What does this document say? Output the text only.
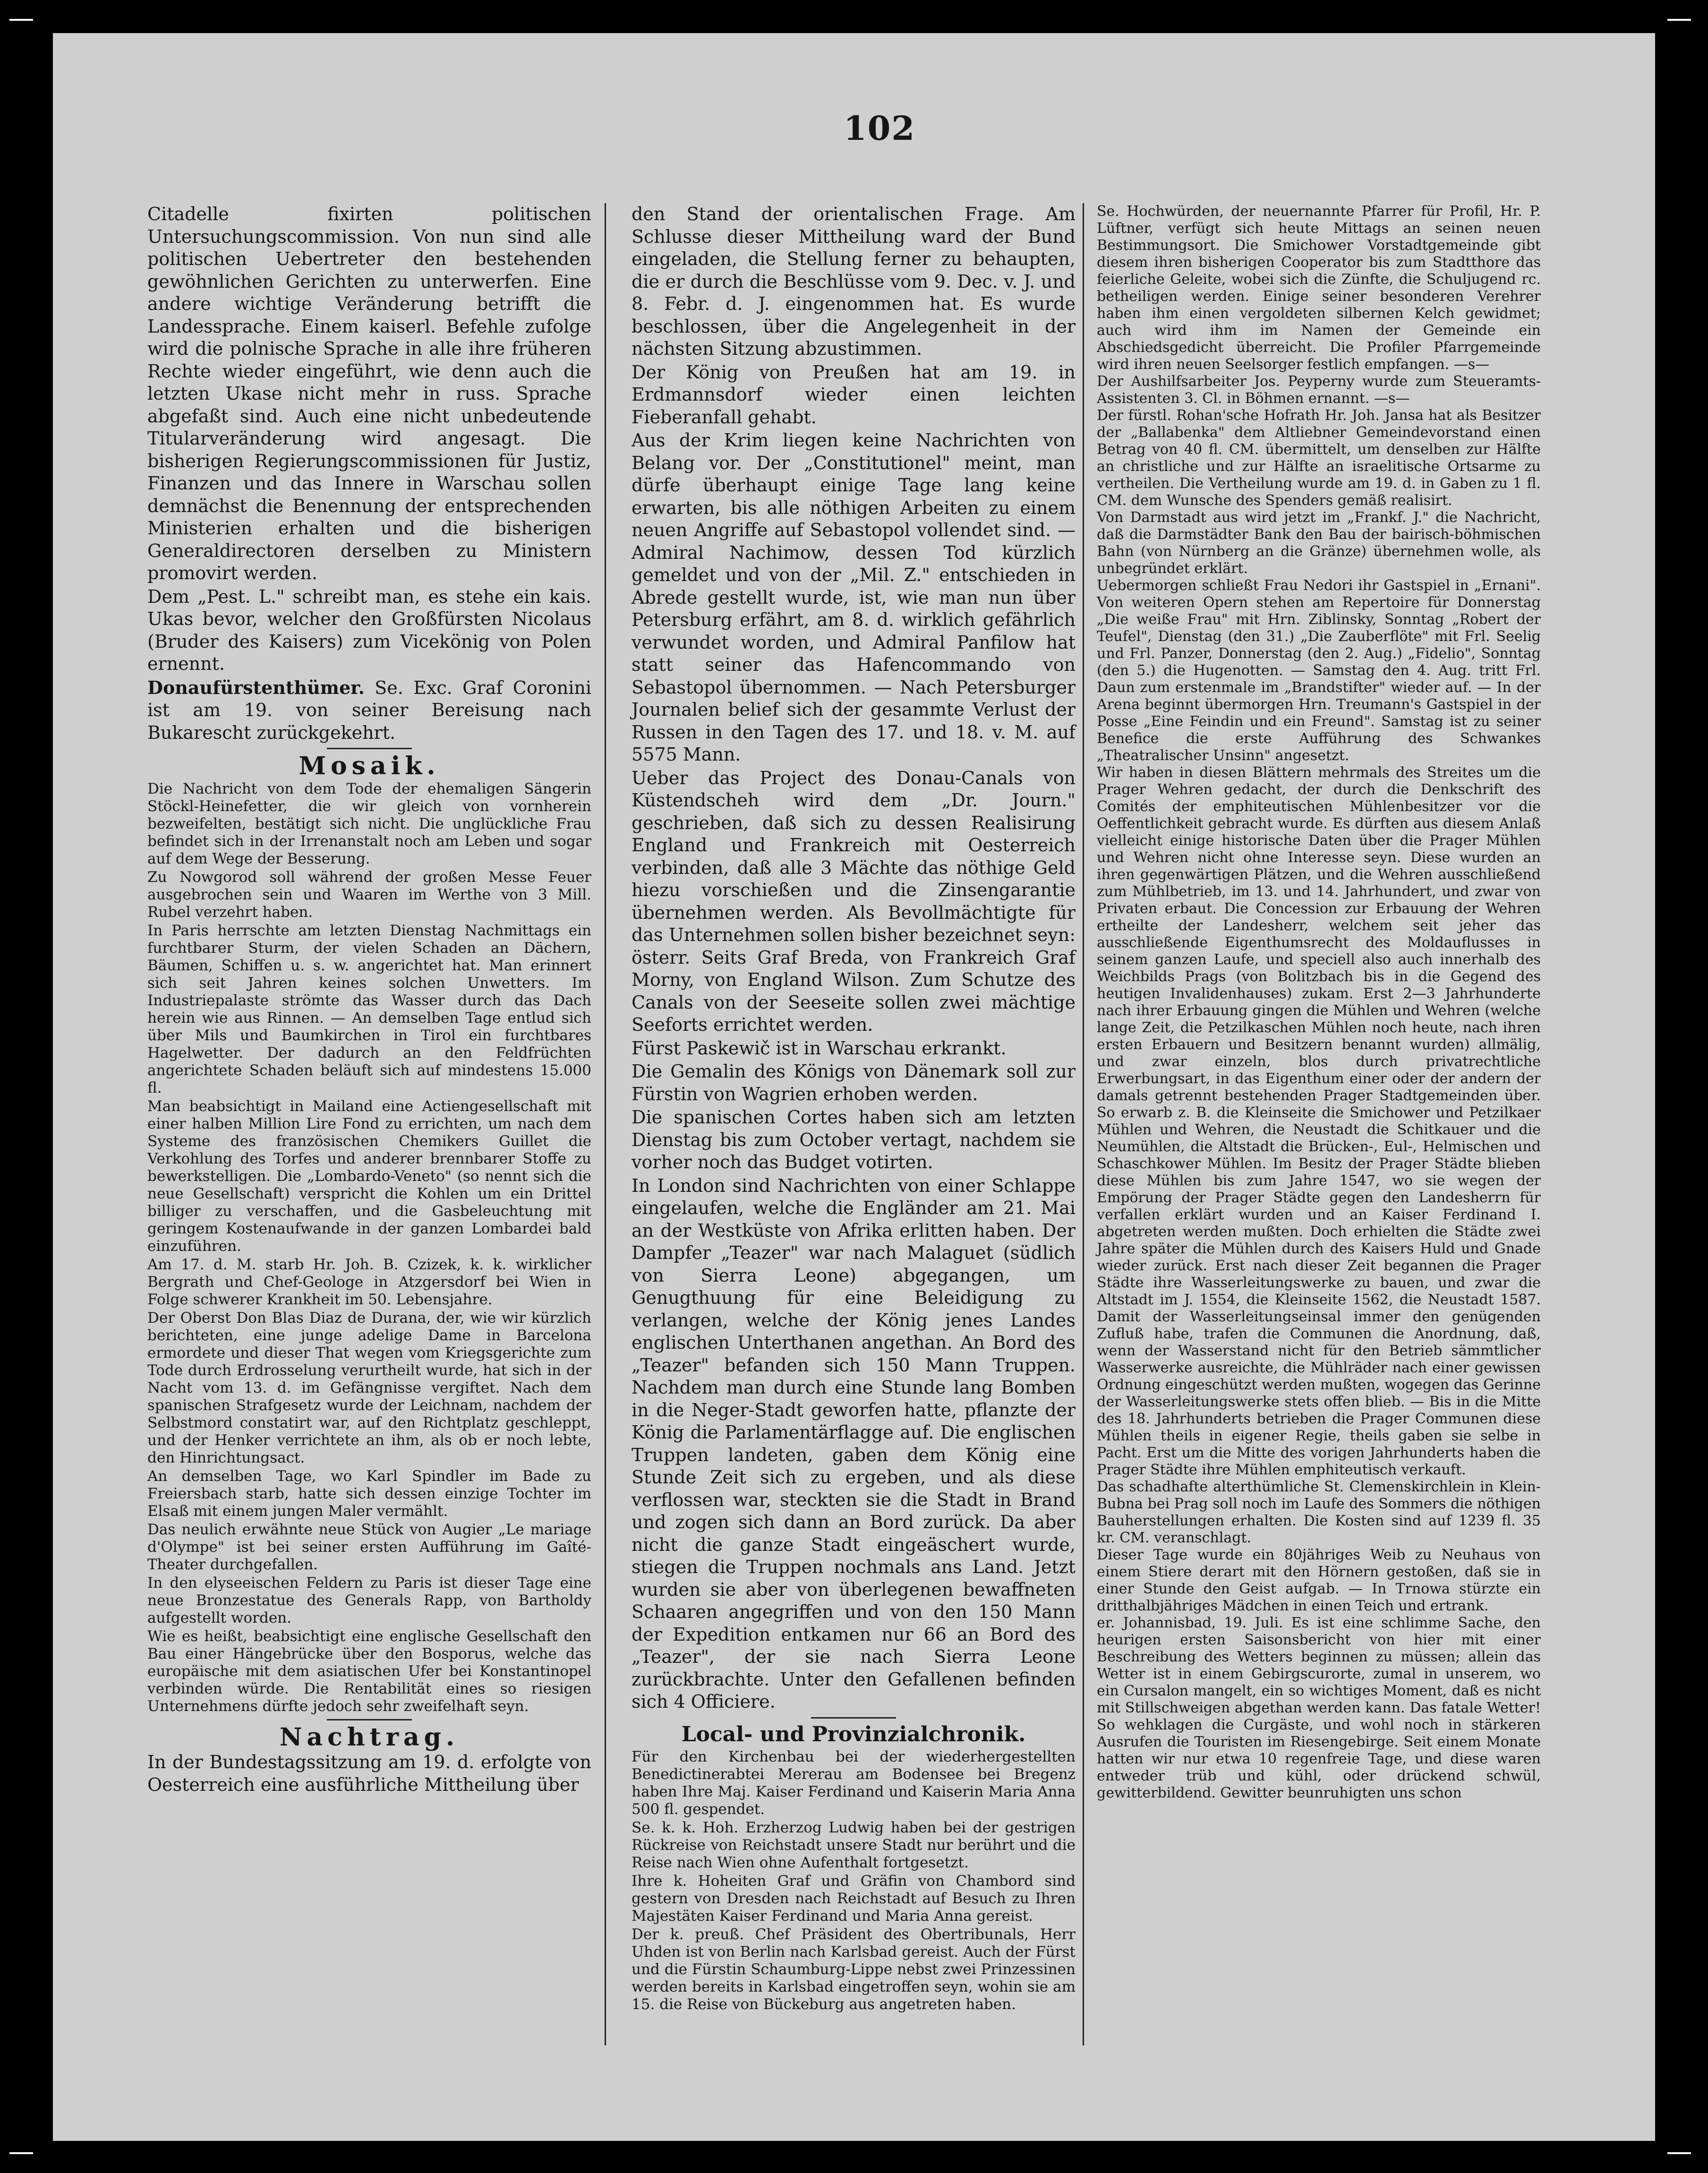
102

Citadelle fixirten politischen Untersuchungscommission. Von nun sind alle politischen Uebertreter den bestehenden gewöhnlichen Gerichten zu unterwerfen. Eine andere wichtige Veränderung betrifft die Landessprache. Einem kaiserl. Befehle zufolge wird die polnische Sprache in alle ihre früheren Rechte wieder eingeführt, wie denn auch die letzten Ukase nicht mehr in russ. Sprache abgefaßt sind. Auch eine nicht unbedeutende Titularveränderung wird angesagt. Die bisherigen Regierungscommissionen für Justiz, Finanzen und das Innere in Warschau sollen demnächst die Benennung der entsprechenden Ministerien erhalten und die bisherigen Generaldirectoren derselben zu Ministern promovirt werden.

Dem „Pest. L." schreibt man, es stehe ein kais. Ukas bevor, welcher den Großfürsten Nicolaus (Bruder des Kaisers) zum Vicekönig von Polen ernennt.

Donaufürstenthümer. Se. Exc. Graf Coronini ist am 19. von seiner Bereisung nach Bukarescht zurückgekehrt.

Mosaik.

Die Nachricht von dem Tode der ehemaligen Sängerin Stöckl-Heinefetter, die wir gleich von vornherein bezweifelten, bestätigt sich nicht. Die unglückliche Frau befindet sich in der Irrenanstalt noch am Leben und sogar auf dem Wege der Besserung.

Zu Nowgorod soll während der großen Messe Feuer ausgebrochen sein und Waaren im Werthe von 3 Mill. Rubel verzehrt haben.

In Paris herrschte am letzten Dienstag Nachmittags ein furchtbarer Sturm, der vielen Schaden an Dächern, Bäumen, Schiffen u. s. w. angerichtet hat. Man erinnert sich seit Jahren keines solchen Unwetters. Im Industriepalaste strömte das Wasser durch das Dach herein wie aus Rinnen. — An demselben Tage entlud sich über Mils und Baumkirchen in Tirol ein furchtbares Hagelwetter. Der dadurch an den Feldfrüchten angerichtete Schaden beläuft sich auf mindestens 15.000 fl.

Man beabsichtigt in Mailand eine Actiengesellschaft mit einer halben Million Lire Fond zu errichten, um nach dem Systeme des französischen Chemikers Guillet die Verkohlung des Torfes und anderer brennbarer Stoffe zu bewerkstelligen. Die „Lombardo-Veneto" (so nennt sich die neue Gesellschaft) verspricht die Kohlen um ein Drittel billiger zu verschaffen, und die Gasbeleuchtung mit geringem Kostenaufwande in der ganzen Lombardei bald einzuführen.

Am 17. d. M. starb Hr. Joh. B. Czizek, k. k. wirklicher Bergrath und Chef-Geologe in Atzgersdorf bei Wien in Folge schwerer Krankheit im 50. Lebensjahre.

Der Oberst Don Blas Diaz de Durana, der, wie wir kürzlich berichteten, eine junge adelige Dame in Barcelona ermordete und dieser That wegen vom Kriegsgerichte zum Tode durch Erdrosselung verurtheilt wurde, hat sich in der Nacht vom 13. d. im Gefängnisse vergiftet. Nach dem spanischen Strafgesetz wurde der Leichnam, nachdem der Selbstmord constatirt war, auf den Richtplatz geschleppt, und der Henker verrichtete an ihm, als ob er noch lebte, den Hinrichtungsact.

An demselben Tage, wo Karl Spindler im Bade zu Freiersbach starb, hatte sich dessen einzige Tochter im Elsaß mit einem jungen Maler vermählt.

Das neulich erwähnte neue Stück von Augier „Le mariage d'Olympe" ist bei seiner ersten Aufführung im Gaîté-Theater durchgefallen.

In den elyseeischen Feldern zu Paris ist dieser Tage eine neue Bronzestatue des Generals Rapp, von Bartholdy aufgestellt worden.

Wie es heißt, beabsichtigt eine englische Gesellschaft den Bau einer Hängebrücke über den Bosporus, welche das europäische mit dem asiatischen Ufer bei Konstantinopel verbinden würde. Die Rentabilität eines so riesigen Unternehmens dürfte jedoch sehr zweifelhaft seyn.

Nachtrag.

In der Bundestagssitzung am 19. d. erfolgte von Oesterreich eine ausführliche Mittheilung über

den Stand der orientalischen Frage. Am Schlusse dieser Mittheilung ward der Bund eingeladen, die Stellung ferner zu behaupten, die er durch die Beschlüsse vom 9. Dec. v. J. und 8. Febr. d. J. eingenommen hat. Es wurde beschlossen, über die Angelegenheit in der nächsten Sitzung abzustimmen.

Der König von Preußen hat am 19. in Erdmannsdorf wieder einen leichten Fieberanfall gehabt.

Aus der Krim liegen keine Nachrichten von Belang vor. Der „Constitutionel" meint, man dürfe überhaupt einige Tage lang keine erwarten, bis alle nöthigen Arbeiten zu einem neuen Angriffe auf Sebastopol vollendet sind. — Admiral Nachimow, dessen Tod kürzlich gemeldet und von der „Mil. Z." entschieden in Abrede gestellt wurde, ist, wie man nun über Petersburg erfährt, am 8. d. wirklich gefährlich verwundet worden, und Admiral Panfilow hat statt seiner das Hafencommando von Sebastopol übernommen. — Nach Petersburger Journalen belief sich der gesammte Verlust der Russen in den Tagen des 17. und 18. v. M. auf 5575 Mann.

Ueber das Project des Donau-Canals von Küstendscheh wird dem „Dr. Journ." geschrieben, daß sich zu dessen Realisirung England und Frankreich mit Oesterreich verbinden, daß alle 3 Mächte das nöthige Geld hiezu vorschießen und die Zinsengarantie übernehmen werden. Als Bevollmächtigte für das Unternehmen sollen bisher bezeichnet seyn: österr. Seits Graf Breda, von Frankreich Graf Morny, von England Wilson. Zum Schutze des Canals von der Seeseite sollen zwei mächtige Seeforts errichtet werden.

Fürst Paskewič ist in Warschau erkrankt.

Die Gemalin des Königs von Dänemark soll zur Fürstin von Wagrien erhoben werden.

Die spanischen Cortes haben sich am letzten Dienstag bis zum October vertagt, nachdem sie vorher noch das Budget votirten.

In London sind Nachrichten von einer Schlappe eingelaufen, welche die Engländer am 21. Mai an der Westküste von Afrika erlitten haben. Der Dampfer „Teazer" war nach Malaguet (südlich von Sierra Leone) abgegangen, um Genugthuung für eine Beleidigung zu verlangen, welche der König jenes Landes englischen Unterthanen angethan. An Bord des „Teazer" befanden sich 150 Mann Truppen. Nachdem man durch eine Stunde lang Bomben in die Neger-Stadt geworfen hatte, pflanzte der König die Parlamentärflagge auf. Die englischen Truppen landeten, gaben dem König eine Stunde Zeit sich zu ergeben, und als diese verflossen war, steckten sie die Stadt in Brand und zogen sich dann an Bord zurück. Da aber nicht die ganze Stadt eingeäschert wurde, stiegen die Truppen nochmals ans Land. Jetzt wurden sie aber von überlegenen bewaffneten Schaaren angegriffen und von den 150 Mann der Expedition entkamen nur 66 an Bord des „Teazer", der sie nach Sierra Leone zurückbrachte. Unter den Gefallenen befinden sich 4 Officiere.

Local- und Provinzialchronik.

Für den Kirchenbau bei der wiederhergestellten Benedictinerabtei Mererau am Bodensee bei Bregenz haben Ihre Maj. Kaiser Ferdinand und Kaiserin Maria Anna 500 fl. gespendet.

Se. k. k. Hoh. Erzherzog Ludwig haben bei der gestrigen Rückreise von Reichstadt unsere Stadt nur berührt und die Reise nach Wien ohne Aufenthalt fortgesetzt.

Ihre k. Hoheiten Graf und Gräfin von Chambord sind gestern von Dresden nach Reichstadt auf Besuch zu Ihren Majestäten Kaiser Ferdinand und Maria Anna gereist.

Der k. preuß. Chef Präsident des Obertribunals, Herr Uhden ist von Berlin nach Karlsbad gereist. Auch der Fürst und die Fürstin Schaumburg-Lippe nebst zwei Prinzessinen werden bereits in Karlsbad eingetroffen seyn, wohin sie am 15. die Reise von Bückeburg aus angetreten haben.

Se. Hochwürden, der neuernannte Pfarrer für Profil, Hr. P. Lüftner, verfügt sich heute Mittags an seinen neuen Bestimmungsort. Die Smichower Vorstadtgemeinde gibt diesem ihren bisherigen Cooperator bis zum Stadtthore das feierliche Geleite, wobei sich die Zünfte, die Schuljugend rc. betheiligen werden. Einige seiner besonderen Verehrer haben ihm einen vergoldeten silbernen Kelch gewidmet; auch wird ihm im Namen der Gemeinde ein Abschiedsgedicht überreicht. Die Profiler Pfarrgemeinde wird ihren neuen Seelsorger festlich empfangen. —s—

Der Aushilfsarbeiter Jos. Peyperny wurde zum Steueramts-Assistenten 3. Cl. in Böhmen ernannt. —s—

Der fürstl. Rohan'sche Hofrath Hr. Joh. Jansa hat als Besitzer der „Ballabenka" dem Altliebner Gemeindevorstand einen Betrag von 40 fl. CM. übermittelt, um denselben zur Hälfte an christliche und zur Hälfte an israelitische Ortsarme zu vertheilen. Die Vertheilung wurde am 19. d. in Gaben zu 1 fl. CM. dem Wunsche des Spenders gemäß realisirt.

Von Darmstadt aus wird jetzt im „Frankf. J." die Nachricht, daß die Darmstädter Bank den Bau der bairisch-böhmischen Bahn (von Nürnberg an die Gränze) übernehmen wolle, als unbegründet erklärt.

Uebermorgen schließt Frau Nedori ihr Gastspiel in „Ernani". Von weiteren Opern stehen am Repertoire für Donnerstag „Die weiße Frau" mit Hrn. Ziblinsky, Sonntag „Robert der Teufel", Dienstag (den 31.) „Die Zauberflöte" mit Frl. Seelig und Frl. Panzer, Donnerstag (den 2. Aug.) „Fidelio", Sonntag (den 5.) die Hugenotten. — Samstag den 4. Aug. tritt Frl. Daun zum erstenmale im „Brandstifter" wieder auf. — In der Arena beginnt übermorgen Hrn. Treumann's Gastspiel in der Posse „Eine Feindin und ein Freund". Samstag ist zu seiner Benefice die erste Aufführung des Schwankes „Theatralischer Unsinn" angesetzt.

Wir haben in diesen Blättern mehrmals des Streites um die Prager Wehren gedacht, der durch die Denkschrift des Comités der emphiteutischen Mühlenbesitzer vor die Oeffentlichkeit gebracht wurde. Es dürften aus diesem Anlaß vielleicht einige historische Daten über die Prager Mühlen und Wehren nicht ohne Interesse seyn. Diese wurden an ihren gegenwärtigen Plätzen, und die Wehren ausschließend zum Mühlbetrieb, im 13. und 14. Jahrhundert, und zwar von Privaten erbaut. Die Concession zur Erbauung der Wehren ertheilte der Landesherr, welchem seit jeher das ausschließende Eigenthumsrecht des Moldauflusses in seinem ganzen Laufe, und speciell also auch innerhalb des Weichbilds Prags (von Bolitzbach bis in die Gegend des heutigen Invalidenhauses) zukam. Erst 2—3 Jahrhunderte nach ihrer Erbauung gingen die Mühlen und Wehren (welche lange Zeit, die Petzilkaschen Mühlen noch heute, nach ihren ersten Erbauern und Besitzern benannt wurden) allmälig, und zwar einzeln, blos durch privatrechtliche Erwerbungsart, in das Eigenthum einer oder der andern der damals getrennt bestehenden Prager Stadtgemeinden über. So erwarb z. B. die Kleinseite die Smichower und Petzilkaer Mühlen und Wehren, die Neustadt die Schitkauer und die Neumühlen, die Altstadt die Brücken-, Eul-, Helmischen und Schaschkower Mühlen. Im Besitz der Prager Städte blieben diese Mühlen bis zum Jahre 1547, wo sie wegen der Empörung der Prager Städte gegen den Landesherrn für verfallen erklärt wurden und an Kaiser Ferdinand I. abgetreten werden mußten. Doch erhielten die Städte zwei Jahre später die Mühlen durch des Kaisers Huld und Gnade wieder zurück. Erst nach dieser Zeit begannen die Prager Städte ihre Wasserleitungswerke zu bauen, und zwar die Altstadt im J. 1554, die Kleinseite 1562, die Neustadt 1587. Damit der Wasserleitungseinsal immer den genügenden Zufluß habe, trafen die Communen die Anordnung, daß, wenn der Wasserstand nicht für den Betrieb sämmtlicher Wasserwerke ausreichte, die Mühlräder nach einer gewissen Ordnung eingeschützt werden mußten, wogegen das Gerinne der Wasserleitungswerke stets offen blieb. — Bis in die Mitte des 18. Jahrhunderts betrieben die Prager Communen diese Mühlen theils in eigener Regie, theils gaben sie selbe in Pacht. Erst um die Mitte des vorigen Jahrhunderts haben die Prager Städte ihre Mühlen emphiteutisch verkauft.

Das schadhafte alterthümliche St. Clemenskirchlein in Klein-Bubna bei Prag soll noch im Laufe des Sommers die nöthigen Bauherstellungen erhalten. Die Kosten sind auf 1239 fl. 35 kr. CM. veranschlagt.

Dieser Tage wurde ein 80jähriges Weib zu Neuhaus von einem Stiere derart mit den Hörnern gestoßen, daß sie in einer Stunde den Geist aufgab. — In Trnowa stürzte ein dritthalbjähriges Mädchen in einen Teich und ertrank.

er. Johannisbad, 19. Juli. Es ist eine schlimme Sache, den heurigen ersten Saisonsbericht von hier mit einer Beschreibung des Wetters beginnen zu müssen; allein das Wetter ist in einem Gebirgscurorte, zumal in unserem, wo ein Cursalon mangelt, ein so wichtiges Moment, daß es nicht mit Stillschweigen abgethan werden kann. Das fatale Wetter! So wehklagen die Curgäste, und wohl noch in stärkeren Ausrufen die Touristen im Riesengebirge. Seit einem Monate hatten wir nur etwa 10 regenfreie Tage, und diese waren entweder trüb und kühl, oder drückend schwül, gewitterbildend. Gewitter beunruhigten uns schon
